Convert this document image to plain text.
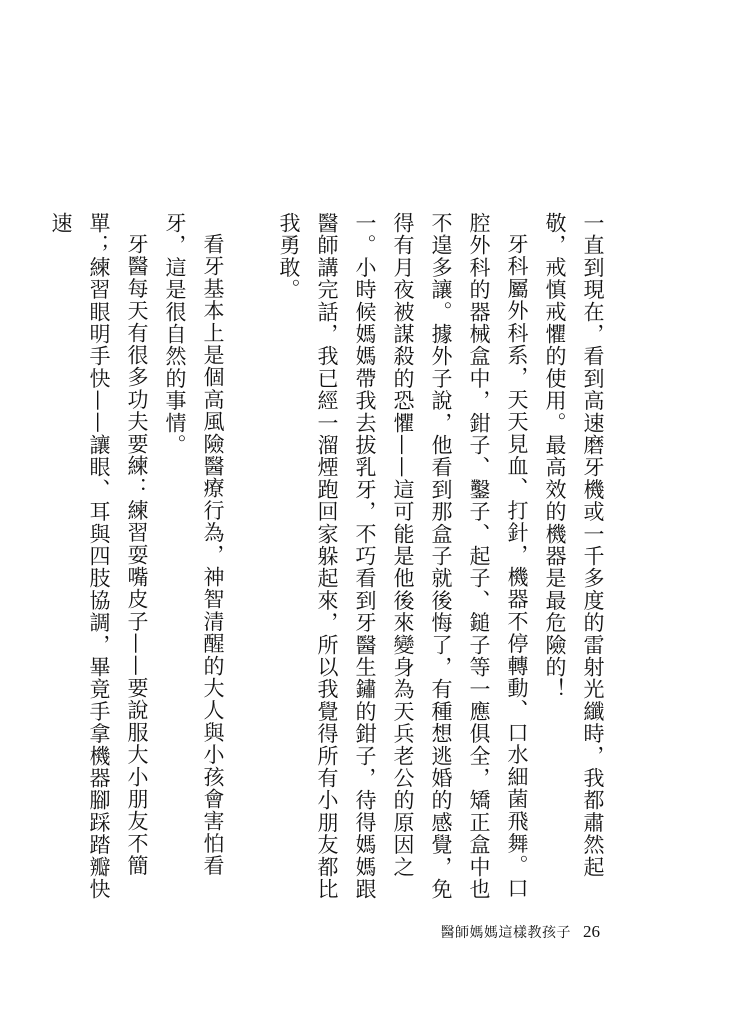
一直到現在，看到高速磨牙機或一千多度的雷射光纖時，我都肅然起敬，戒慎戒懼的使用。最高效的機器是最危險的！

牙科屬外科系，天天見血、打針，機器不停轉動、口水細菌飛舞。口腔外科的器械盒中，鉗子、鑿子、起子、鎚子等一應俱全，矯正盒中也不遑多讓。據外子說，他看到那盒子就後悔了，有種想逃婚的感覺，免得有月夜被謀殺的恐懼——這可能是他後來變身為天兵老公的原因之一。小時候媽媽帶我去拔乳牙，不巧看到牙醫生鏽的鉗子，待得媽媽跟醫師講完話，我已經一溜煙跑回家躲起來，所以我覺得所有小朋友都比我勇敢。

看牙基本上是個高風險醫療行為，神智清醒的大人與小孩會害怕看牙，這是很自然的事情。

牙醫每天有很多功夫要練：練習耍嘴皮子——要說服大小朋友不簡單；練習眼明手快——讓眼、耳與四肢協調，畢竟手拿機器腳踩踏瓣快速

醫師媽媽這樣教孩子 26
